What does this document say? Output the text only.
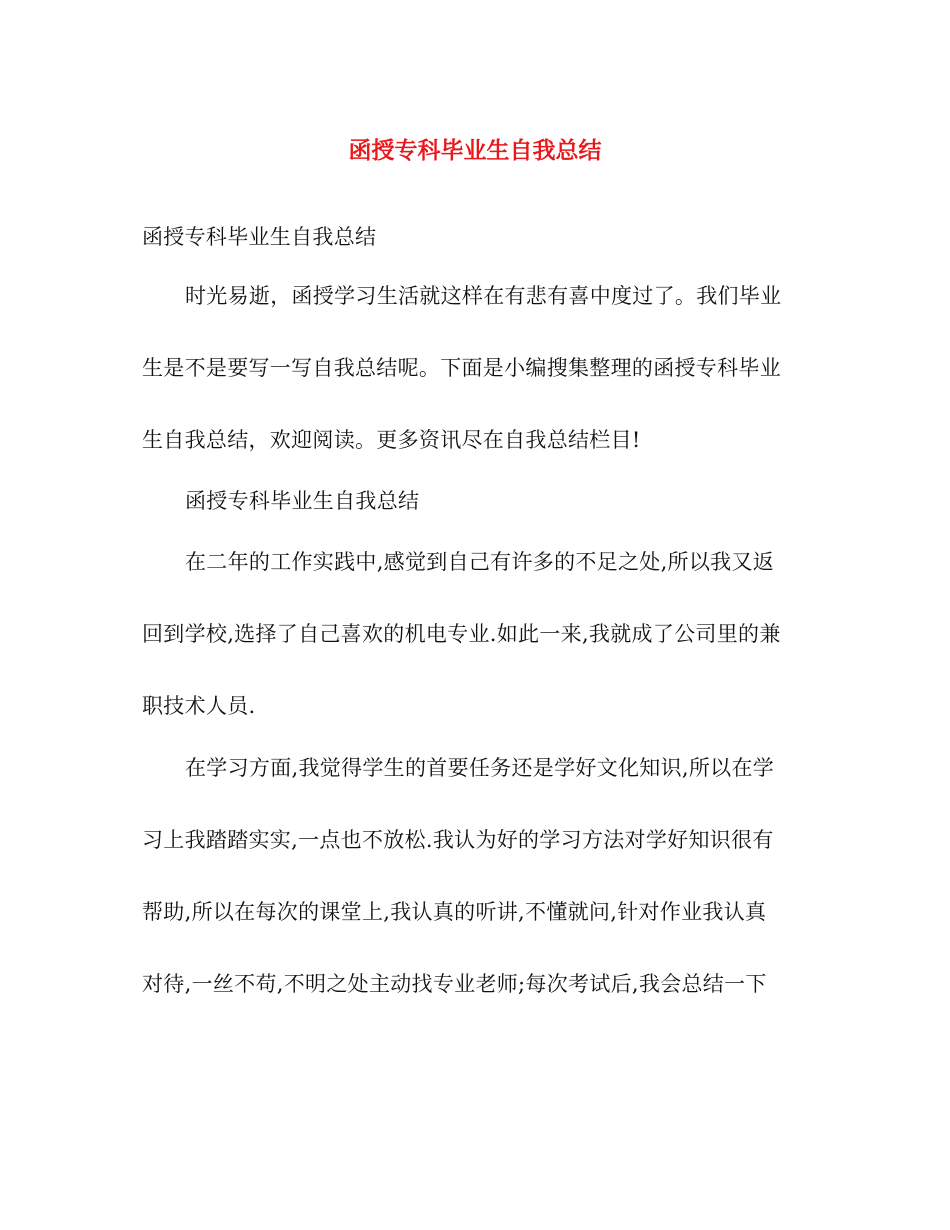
函授专科毕业生自我总结
函授专科毕业生自我总结
时光易逝，函授学习生活就这样在有悲有喜中度过了。我们毕业
生是不是要写一写自我总结呢。下面是小编搜集整理的函授专科毕业
生自我总结，欢迎阅读。更多资讯尽在自我总结栏目!
函授专科毕业生自我总结
在二年的工作实践中,感觉到自己有许多的不足之处,所以我又返
回到学校,选择了自己喜欢的机电专业.如此一来,我就成了公司里的兼
职技术人员.
在学习方面,我觉得学生的首要任务还是学好文化知识,所以在学
习上我踏踏实实,一点也不放松.我认为好的学习方法对学好知识很有
帮助,所以在每次的课堂上,我认真的听讲,不懂就问,针对作业我认真
对待,一丝不苟,不明之处主动找专业老师;每次考试后,我会总结一下
